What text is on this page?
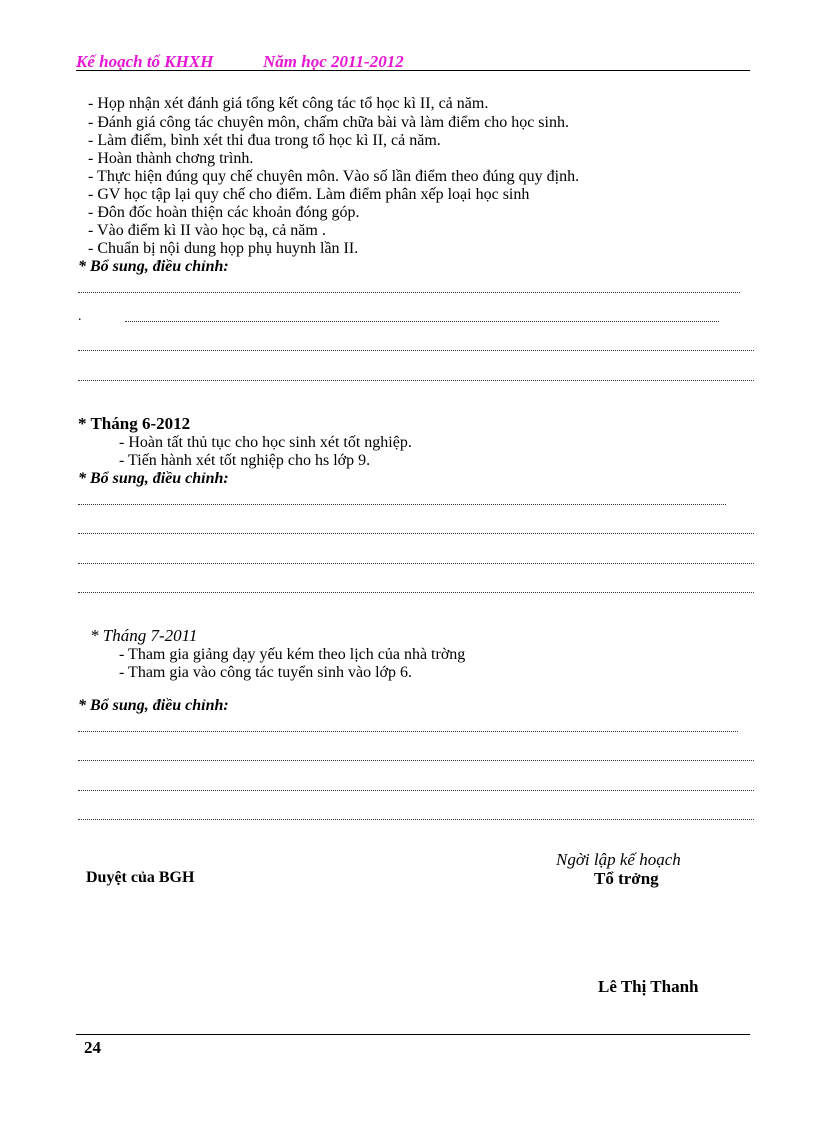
Kế hoạch tổ KHXH	Năm học 2011-2012
- Họp nhận xét đánh giá tổng kết công tác tổ học kì II, cả năm.
- Đánh giá công tác chuyên môn, chấm chữa bài và làm điểm cho học sinh.
- Làm điểm, bình xét thi đua trong tổ học kì II, cả năm.
- Hoàn thành chơng trình.
- Thực hiện đúng quy chế chuyên môn. Vào số lần điểm theo đúng quy định.
- GV học tập lại quy chế cho điểm. Làm điểm phân xếp loại học sinh
- Đôn đốc hoàn thiện các khoản đóng góp.
- Vào điểm kì II vào học bạ, cả năm .
- Chuẩn bị nội dung họp phụ huynh lần II.
* Bổ sung, điều chỉnh:
.
* Tháng 6-2012
- Hoàn tất thủ tục cho học sinh xét tốt nghiệp.
- Tiến hành xét tốt nghiệp cho hs lớp 9.
* Bổ sung, điều chỉnh:
* Tháng 7-2011
- Tham gia giảng dạy yếu kém theo lịch của nhà trờng
- Tham gia vào công tác tuyển sinh vào lớp 6.
* Bổ sung, điều chỉnh:
Duyệt của BGH
Ngời lập kế hoạch
Tổ trởng
Lê Thị Thanh
24
